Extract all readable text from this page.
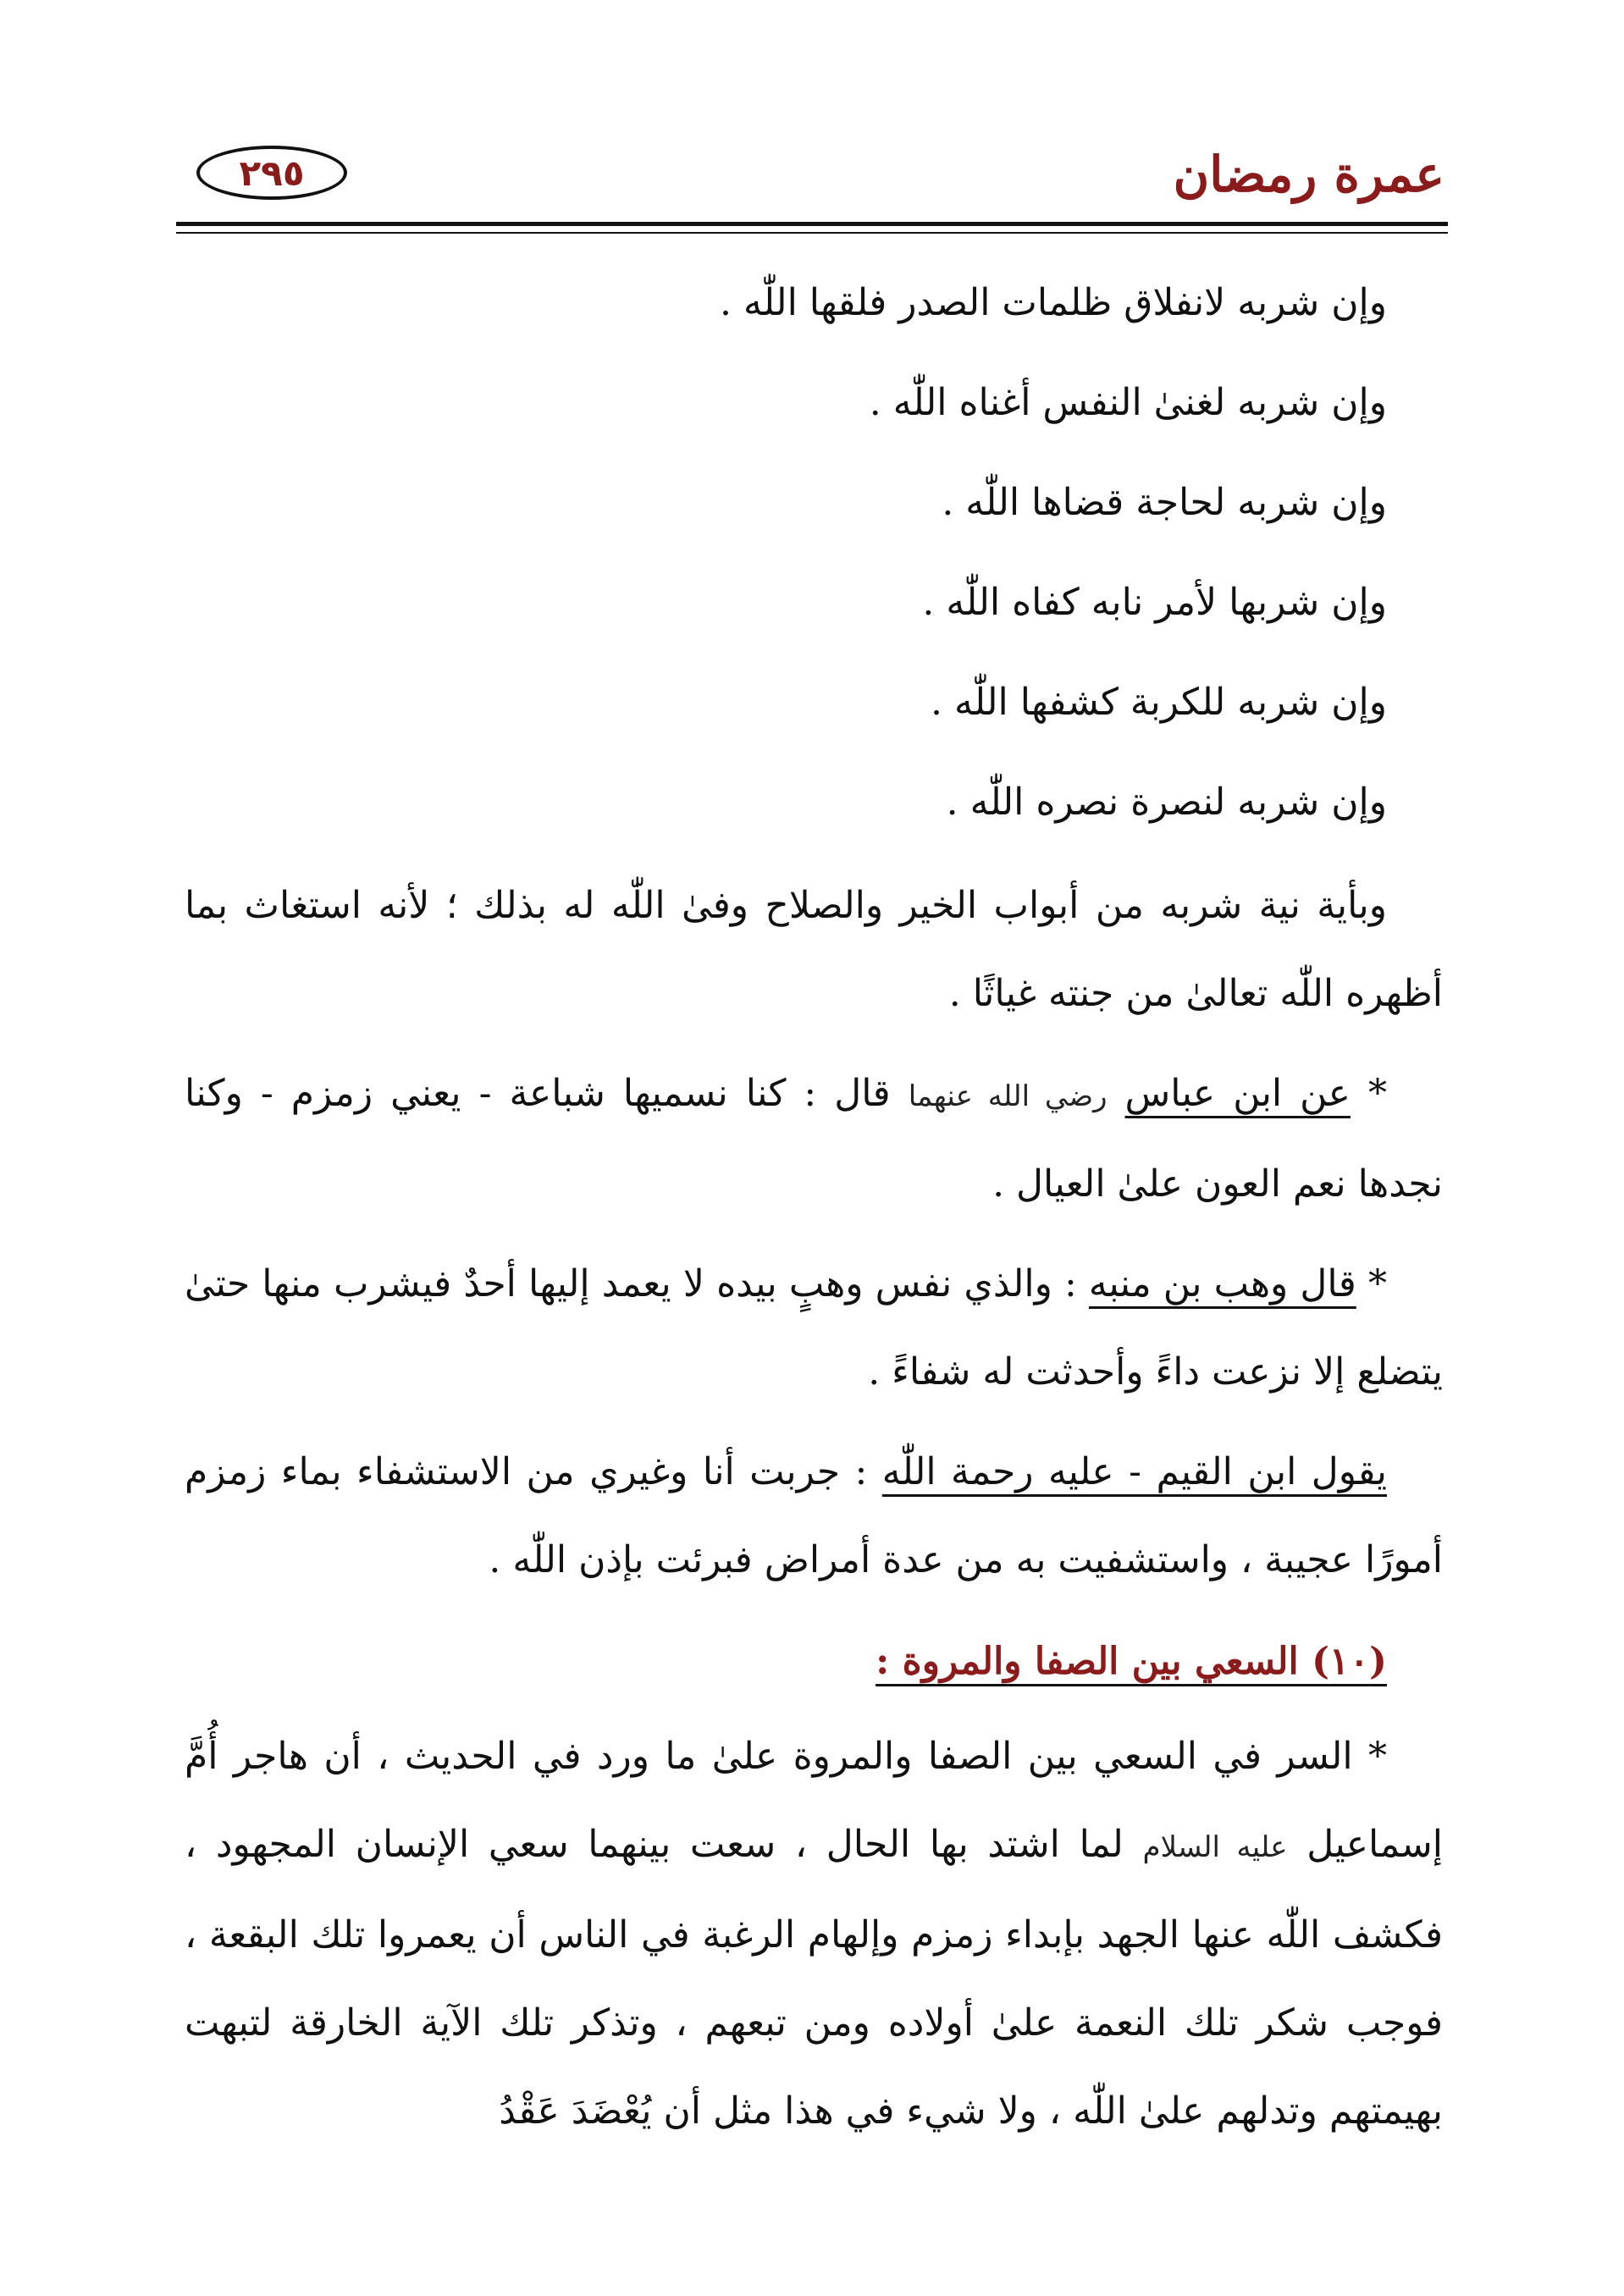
عمرة رمضان
٢٩٥
وإن شربه لانفلاق ظلمات الصدر فلقها اللّٰه .
وإن شربه لغنىٰ النفس أغناه اللّٰه .
وإن شربه لحاجة قضاها اللّٰه .
وإن شربها لأمر نابه كفاه اللّٰه .
وإن شربه للكربة كشفها اللّٰه .
وإن شربه لنصرة نصره اللّٰه .

وبأية نية شربه من أبواب الخير والصلاح وفىٰ اللّٰه له بذلك ؛ لأنه استغاث بما أظهره اللّٰه تعالىٰ من جنته غياثًا .

* عن ابن عباس رضي الله عنهما قال : كنا نسميها شباعة - يعني زمزم - وكنا نجدها نعم العون علىٰ العيال .

* قال وهب بن منبه : والذي نفس وهبٍ بيده لا يعمد إليها أحدٌ فيشرب منها حتىٰ يتضلع إلا نزعت داءً وأحدثت له شفاءً .

يقول ابن القيم - عليه رحمة اللّٰه : جربت أنا وغيري من الاستشفاء بماء زمزم أمورًا عجيبة ، واستشفيت به من عدة أمراض فبرئت بإذن اللّٰه .

(١٠) السعي بين الصفا والمروة :

* السر في السعي بين الصفا والمروة علىٰ ما ورد في الحديث ، أن هاجر أُمَّ إسماعيل عليه السلام لما اشتد بها الحال ، سعت بينهما سعي الإنسان المجهود ، فكشف اللّٰه عنها الجهد بإبداء زمزم وإلهام الرغبة في الناس أن يعمروا تلك البقعة ، فوجب شكر تلك النعمة علىٰ أولاده ومن تبعهم ، وتذكر تلك الآية الخارقة لتبهت بهيمتهم وتدلهم علىٰ اللّٰه ، ولا شيء في هذا مثل أن يُعْضَدَ عَقْدُ
